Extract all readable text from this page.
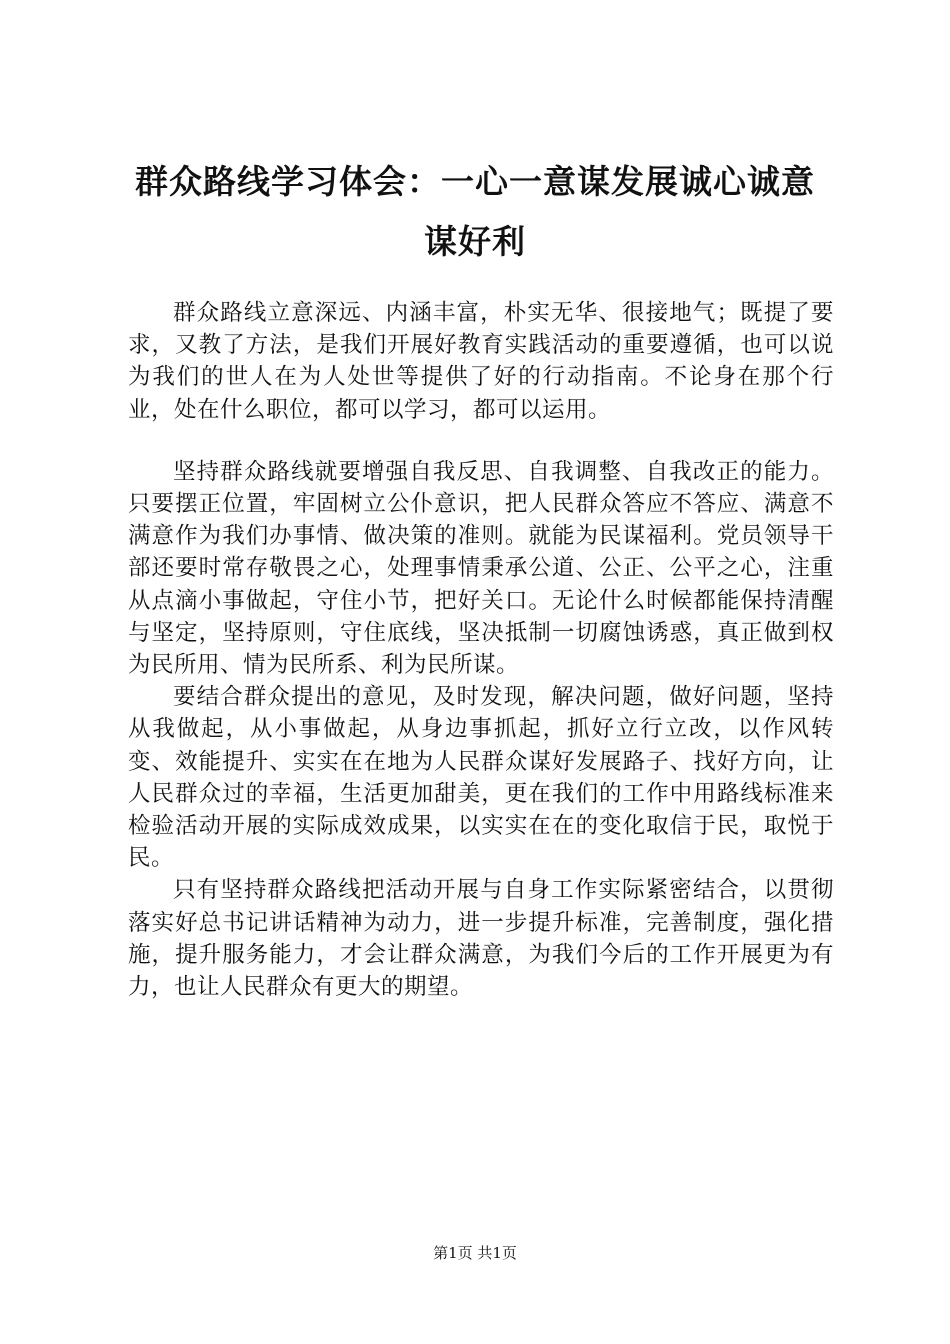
群众路线学习体会：一心一意谋发展诚心诚意
谋好利

群众路线立意深远、内涵丰富，朴实无华、很接地气；既提了要求，又教了方法，是我们开展好教育实践活动的重要遵循，也可以说为我们的世人在为人处世等提供了好的行动指南。不论身在那个行业，处在什么职位，都可以学习，都可以运用。

坚持群众路线就要增强自我反思、自我调整、自我改正的能力。只要摆正位置，牢固树立公仆意识，把人民群众答应不答应、满意不满意作为我们办事情、做决策的准则。就能为民谋福利。党员领导干部还要时常存敬畏之心，处理事情秉承公道、公正、公平之心，注重从点滴小事做起，守住小节，把好关口。无论什么时候都能保持清醒与坚定，坚持原则，守住底线，坚决抵制一切腐蚀诱惑，真正做到权为民所用、情为民所系、利为民所谋。

要结合群众提出的意见，及时发现，解决问题，做好问题，坚持从我做起，从小事做起，从身边事抓起，抓好立行立改，以作风转变、效能提升、实实在在地为人民群众谋好发展路子、找好方向，让人民群众过的幸福，生活更加甜美，更在我们的工作中用路线标准来检验活动开展的实际成效成果，以实实在在的变化取信于民，取悦于民。

只有坚持群众路线把活动开展与自身工作实际紧密结合，以贯彻落实好总书记讲话精神为动力，进一步提升标准，完善制度，强化措施，提升服务能力，才会让群众满意，为我们今后的工作开展更为有力，也让人民群众有更大的期望。

第1页 共1页
